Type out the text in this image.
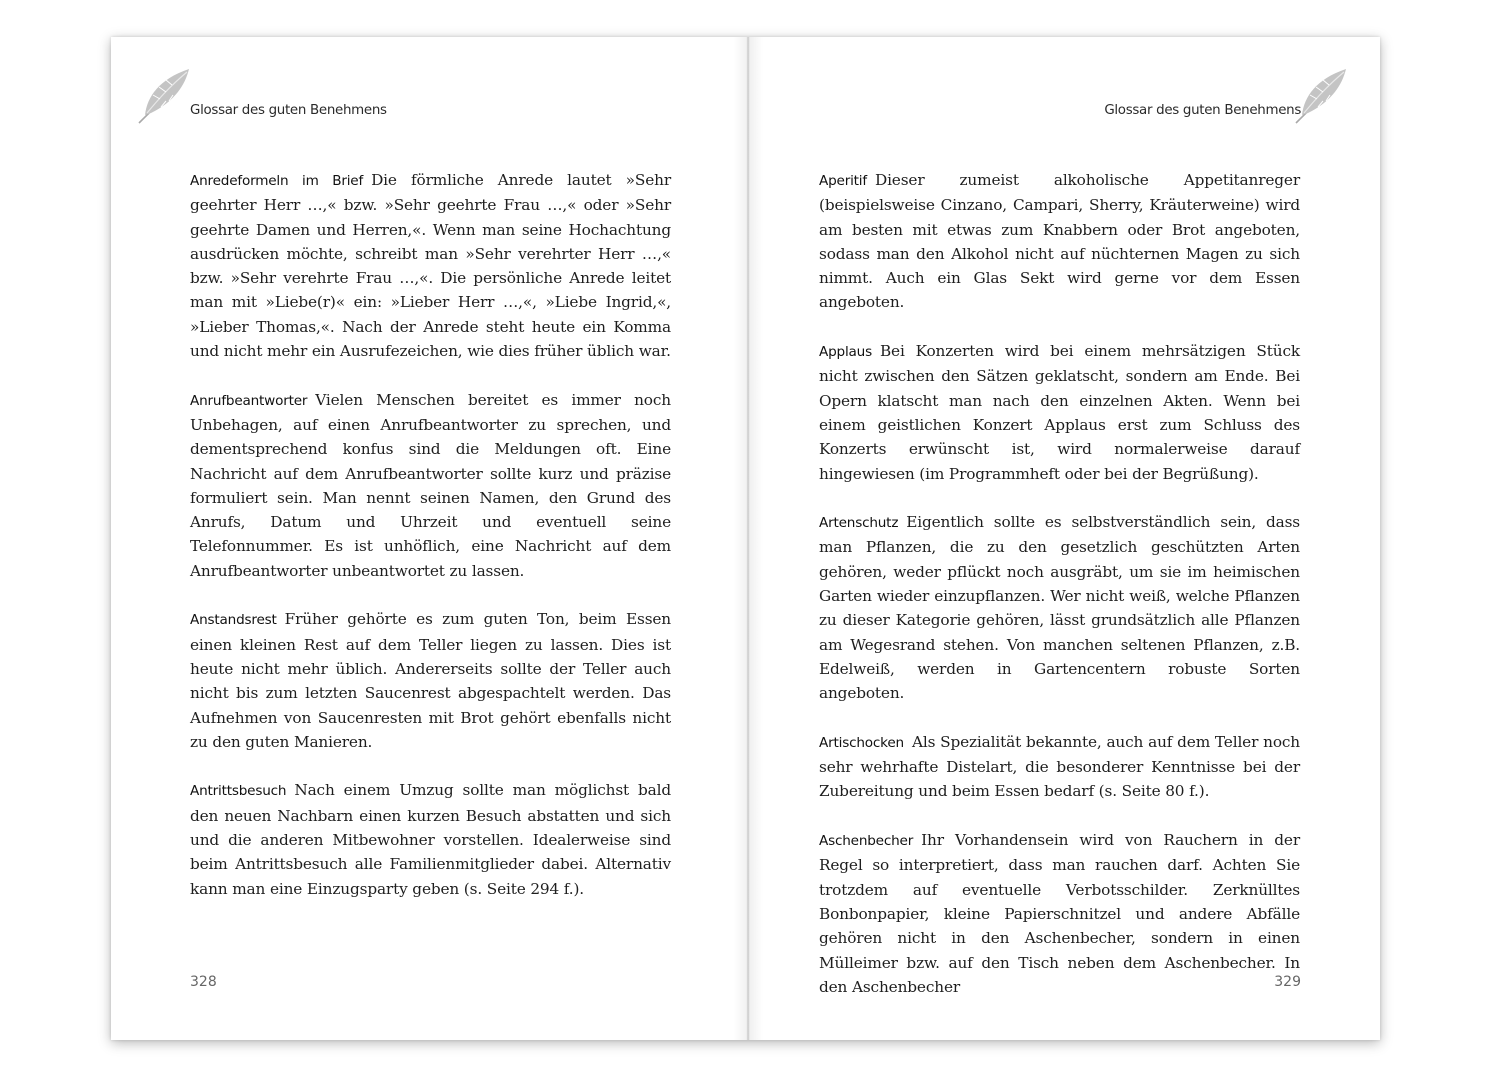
Glossar des guten Benehmens

Anredeformeln im Brief Die förmliche Anrede lautet »Sehr geehrter Herr …,« bzw. »Sehr geehrte Frau …,« oder »Sehr geehrte Damen und Herren,«. Wenn man seine Hochachtung ausdrücken möchte, schreibt man »Sehr verehrter Herr …,« bzw. »Sehr verehrte Frau …,«. Die persönliche Anrede leitet man mit »Liebe(r)« ein: »Lieber Herr …,«, »Liebe Ingrid,«, »Lieber Thomas,«. Nach der Anrede steht heute ein Komma und nicht mehr ein Ausrufezeichen, wie dies früher üblich war.

Anrufbeantworter Vielen Menschen bereitet es immer noch Unbehagen, auf einen Anrufbeantworter zu sprechen, und dementsprechend konfus sind die Meldungen oft. Eine Nachricht auf dem Anrufbeantworter sollte kurz und präzise formuliert sein. Man nennt seinen Namen, den Grund des Anrufs, Datum und Uhrzeit und eventuell seine Telefonnummer. Es ist unhöflich, eine Nachricht auf dem Anrufbeantworter unbeantwortet zu lassen.

Anstandsrest Früher gehörte es zum guten Ton, beim Essen einen kleinen Rest auf dem Teller liegen zu lassen. Dies ist heute nicht mehr üblich. Andererseits sollte der Teller auch nicht bis zum letzten Saucenrest abgespachtelt werden. Das Aufnehmen von Saucenresten mit Brot gehört ebenfalls nicht zu den guten Manieren.

Antrittsbesuch Nach einem Umzug sollte man möglichst bald den neuen Nachbarn einen kurzen Besuch abstatten und sich und die anderen Mitbewohner vorstellen. Idealerweise sind beim Antrittsbesuch alle Familienmitglieder dabei. Alternativ kann man eine Einzugsparty geben (s. Seite 294 f.).

328
Glossar des guten Benehmens

Aperitif Dieser zumeist alkoholische Appetitanreger (beispielsweise Cinzano, Campari, Sherry, Kräuterweine) wird am besten mit etwas zum Knabbern oder Brot angeboten, sodass man den Alkohol nicht auf nüchternen Magen zu sich nimmt. Auch ein Glas Sekt wird gerne vor dem Essen angeboten.

Applaus Bei Konzerten wird bei einem mehrsätzigen Stück nicht zwischen den Sätzen geklatscht, sondern am Ende. Bei Opern klatscht man nach den einzelnen Akten. Wenn bei einem geistlichen Konzert Applaus erst zum Schluss des Konzerts erwünscht ist, wird normalerweise darauf hingewiesen (im Programmheft oder bei der Begrüßung).

Artenschutz Eigentlich sollte es selbstverständlich sein, dass man Pflanzen, die zu den gesetzlich geschützten Arten gehören, weder pflückt noch ausgräbt, um sie im heimischen Garten wieder einzupflanzen. Wer nicht weiß, welche Pflanzen zu dieser Kategorie gehören, lässt grundsätzlich alle Pflanzen am Wegesrand stehen. Von manchen seltenen Pflanzen, z.B. Edelweiß, werden in Gartencentern robuste Sorten angeboten.

Artischocken Als Spezialität bekannte, auch auf dem Teller noch sehr wehrhafte Distelart, die besonderer Kenntnisse bei der Zubereitung und beim Essen bedarf (s. Seite 80 f.).

Aschenbecher Ihr Vorhandensein wird von Rauchern in der Regel so interpretiert, dass man rauchen darf. Achten Sie trotzdem auf eventuelle Verbotsschilder. Zerknülltes Bonbonpapier, kleine Papierschnitzel und andere Abfälle gehören nicht in den Aschenbecher, sondern in einen Mülleimer bzw. auf den Tisch neben dem Aschenbecher. In den Aschenbecher	329
